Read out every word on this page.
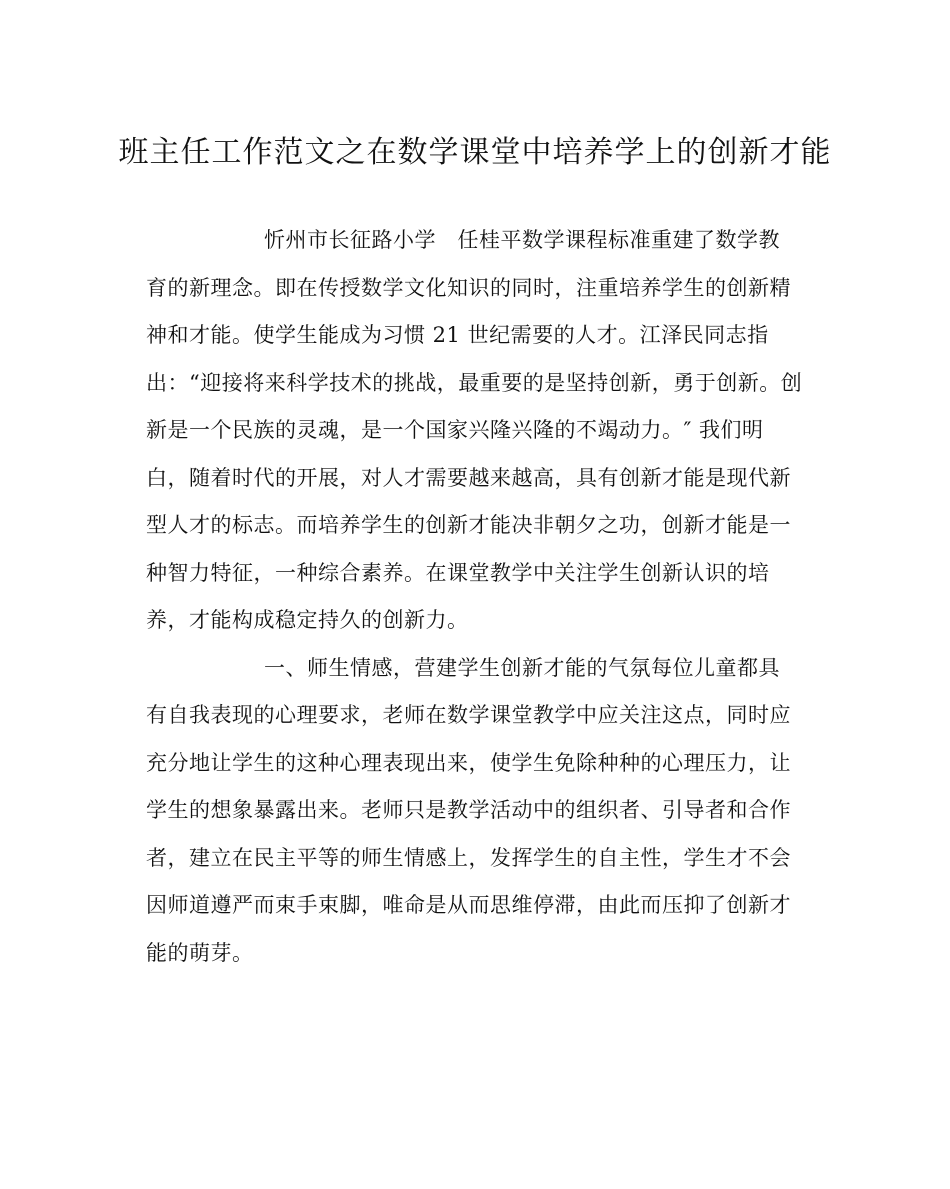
班主任工作范文之在数学课堂中培养学上的创新才能
忻州市长征路小学　任桂平数学课程标准重建了数学教
育的新理念。即在传授数学文化知识的同时，注重培养学生的创新精
神和才能。使学生能成为习惯 21 世纪需要的人才。江泽民同志指
出：“迎接将来科学技术的挑战，最重要的是坚持创新，勇于创新。创
新是一个民族的灵魂，是一个国家兴隆兴隆的不竭动力。″ 我们明
白，随着时代的开展，对人才需要越来越高，具有创新才能是现代新
型人才的标志。而培养学生的创新才能决非朝夕之功，创新才能是一
种智力特征，一种综合素养。在课堂教学中关注学生创新认识的培
养，才能构成稳定持久的创新力。
一、师生情感，营建学生创新才能的气氛每位儿童都具
有自我表现的心理要求，老师在数学课堂教学中应关注这点，同时应
充分地让学生的这种心理表现出来，使学生免除种种的心理压力，让
学生的想象暴露出来。老师只是教学活动中的组织者、引导者和合作
者，建立在民主平等的师生情感上，发挥学生的自主性，学生才不会
因师道遵严而束手束脚，唯命是从而思维停滞，由此而压抑了创新才
能的萌芽。
